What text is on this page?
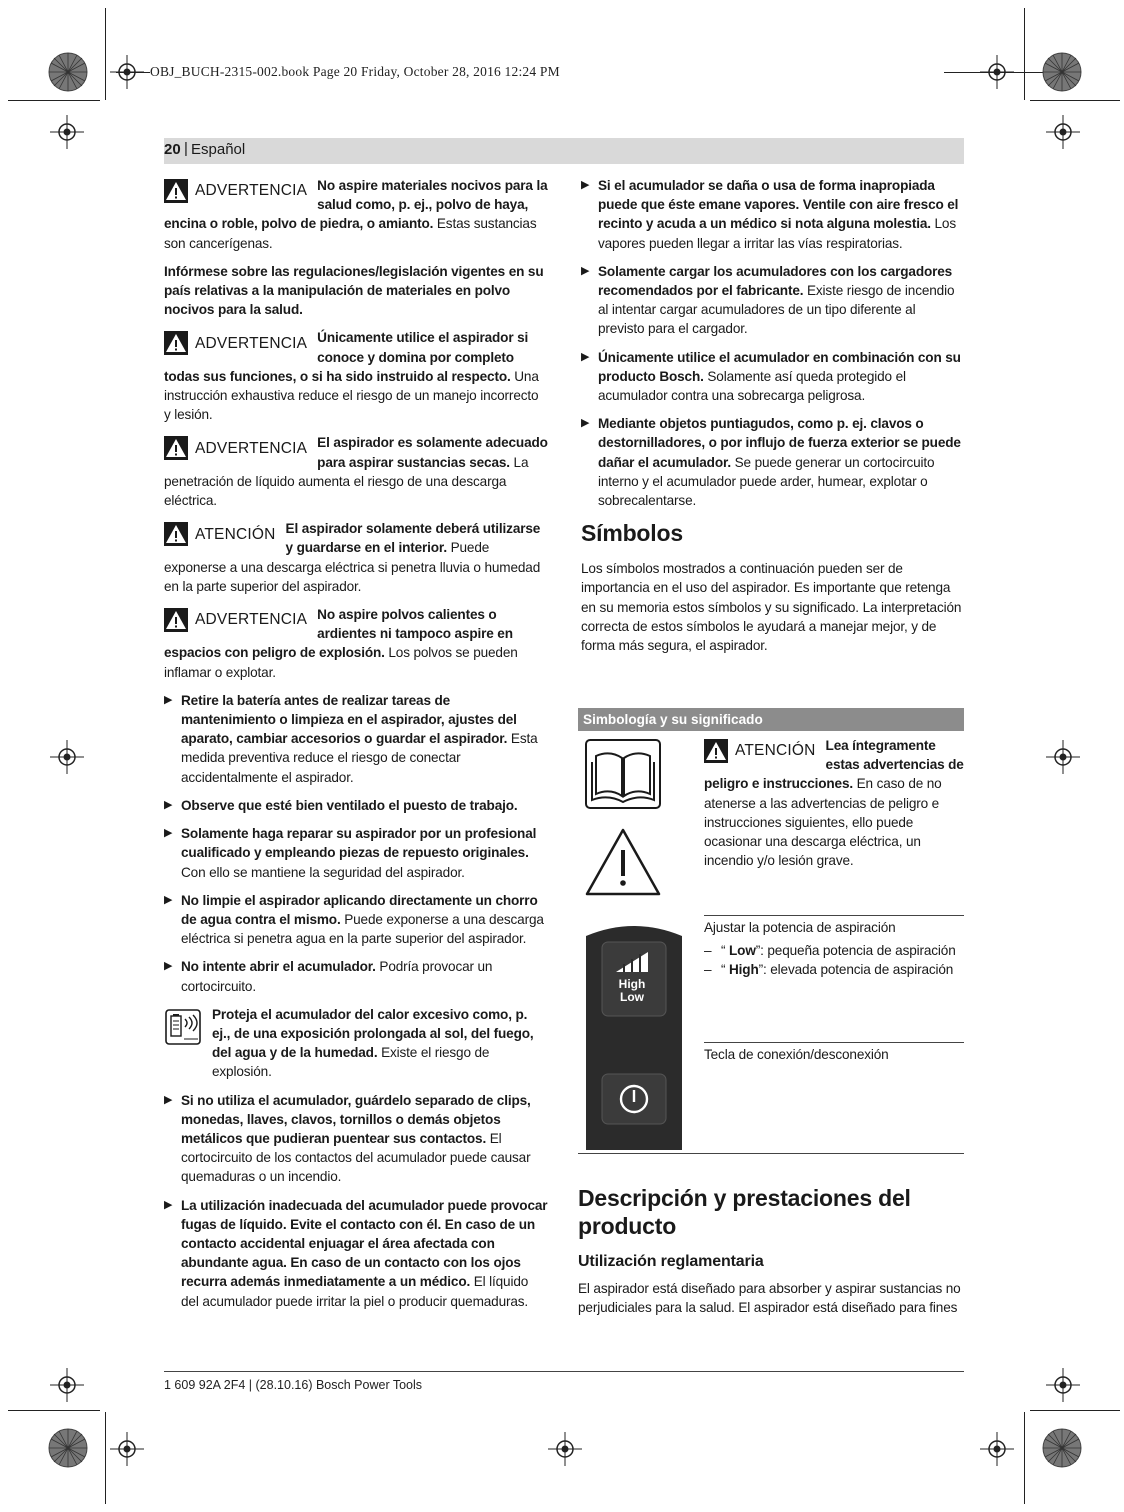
OBJ_BUCH-2315-002.book Page 20 Friday, October 28, 2016 12:24 PM
20 | Español
ADVERTENCIA No aspire materiales nocivos para la salud como, p. ej., polvo de haya, encina o roble, polvo de piedra, o amianto. Estas sustancias son cancerígenas.

Infórmese sobre las regulaciones/legislación vigentes en su país relativas a la manipulación de materiales en polvo nocivos para la salud.

ADVERTENCIA Únicamente utilice el aspirador si conoce y domina por completo todas sus funciones, o si ha sido instruido al respecto. Una instrucción exhaustiva reduce el riesgo de un manejo incorrecto y lesión.
ADVERTENCIA El aspirador es solamente adecuado para aspirar sustancias secas. La penetración de líquido aumenta el riesgo de una descarga eléctrica.
ATENCIÓN El aspirador solamente deberá utilizarse y guardarse en el interior. Puede exponerse a una descarga eléctrica si penetra lluvia o humedad en la parte superior del aspirador.
ADVERTENCIA No aspire polvos calientes o ardientes ni tampoco aspire en espacios con peligro de explosión. Los polvos se pueden inflamar o explotar.
▶ Retire la batería antes de realizar tareas de mantenimiento o limpieza en el aspirador, ajustes del aparato, cambiar accesorios o guardar el aspirador. Esta medida preventiva reduce el riesgo de conectar accidentalmente el aspirador.
▶ Observe que esté bien ventilado el puesto de trabajo.
▶ Solamente haga reparar su aspirador por un profesional cualificado y empleando piezas de repuesto originales. Con ello se mantiene la seguridad del aspirador.
▶ No limpie el aspirador aplicando directamente un chorro de agua contra el mismo. Puede exponerse a una descarga eléctrica si penetra agua en la parte superior del aspirador.
▶ No intente abrir el acumulador. Podría provocar un cortocircuito.
Proteja el acumulador del calor excesivo como, p. ej., de una exposición prolongada al sol, del fuego, del agua y de la humedad. Existe el riesgo de explosión.
▶ Si no utiliza el acumulador, guárdelo separado de clips, monedas, llaves, clavos, tornillos o demás objetos metálicos que pudieran puentear sus contactos. El cortocircuito de los contactos del acumulador puede causar quemaduras o un incendio.
▶ La utilización inadecuada del acumulador puede provocar fugas de líquido. Evite el contacto con él. En caso de un contacto accidental enjuagar el área afectada con abundante agua. En caso de un contacto con los ojos recurra además inmediatamente a un médico. El líquido del acumulador puede irritar la piel o producir quemaduras.
▶ Si el acumulador se daña o usa de forma inapropiada puede que éste emane vapores. Ventile con aire fresco el recinto y acuda a un médico si nota alguna molestia. Los vapores pueden llegar a irritar las vías respiratorias.
▶ Solamente cargar los acumuladores con los cargadores recomendados por el fabricante. Existe riesgo de incendio al intentar cargar acumuladores de un tipo diferente al previsto para el cargador.
▶ Únicamente utilice el acumulador en combinación con su producto Bosch. Solamente así queda protegido el acumulador contra una sobrecarga peligrosa.
▶ Mediante objetos puntiagudos, como p. ej. clavos o destornilladores, o por influjo de fuerza exterior se puede dañar el acumulador. Se puede generar un cortocircuito interno y el acumulador puede arder, humear, explotar o sobrecalentarse.
Símbolos

Los símbolos mostrados a continuación pueden ser de importancia en el uso del aspirador. Es importante que retenga en su memoria estos símbolos y su significado. La interpretación correcta de estos símbolos le ayudará a manejar mejor, y de forma más segura, el aspirador.

Simbología y su significado
ATENCIÓN Lea íntegramente estas advertencias de peligro e instrucciones. En caso de no atenerse a las advertencias de peligro e instrucciones siguientes, ello puede ocasionar una descarga eléctrica, un incendio y/o lesión grave.
High
Low

Ajustar la potencia de aspiración

– “ Low”: pequeña potencia de aspiración
– “ High”: elevada potencia de aspiración

Tecla de conexión/desconexión

Descripción y prestaciones del producto
Utilización reglamentaria

El aspirador está diseñado para absorber y aspirar sustancias no perjudiciales para la salud. El aspirador está diseñado para fines

1 609 92A 2F4 | (28.10.16) Bosch Power Tools
